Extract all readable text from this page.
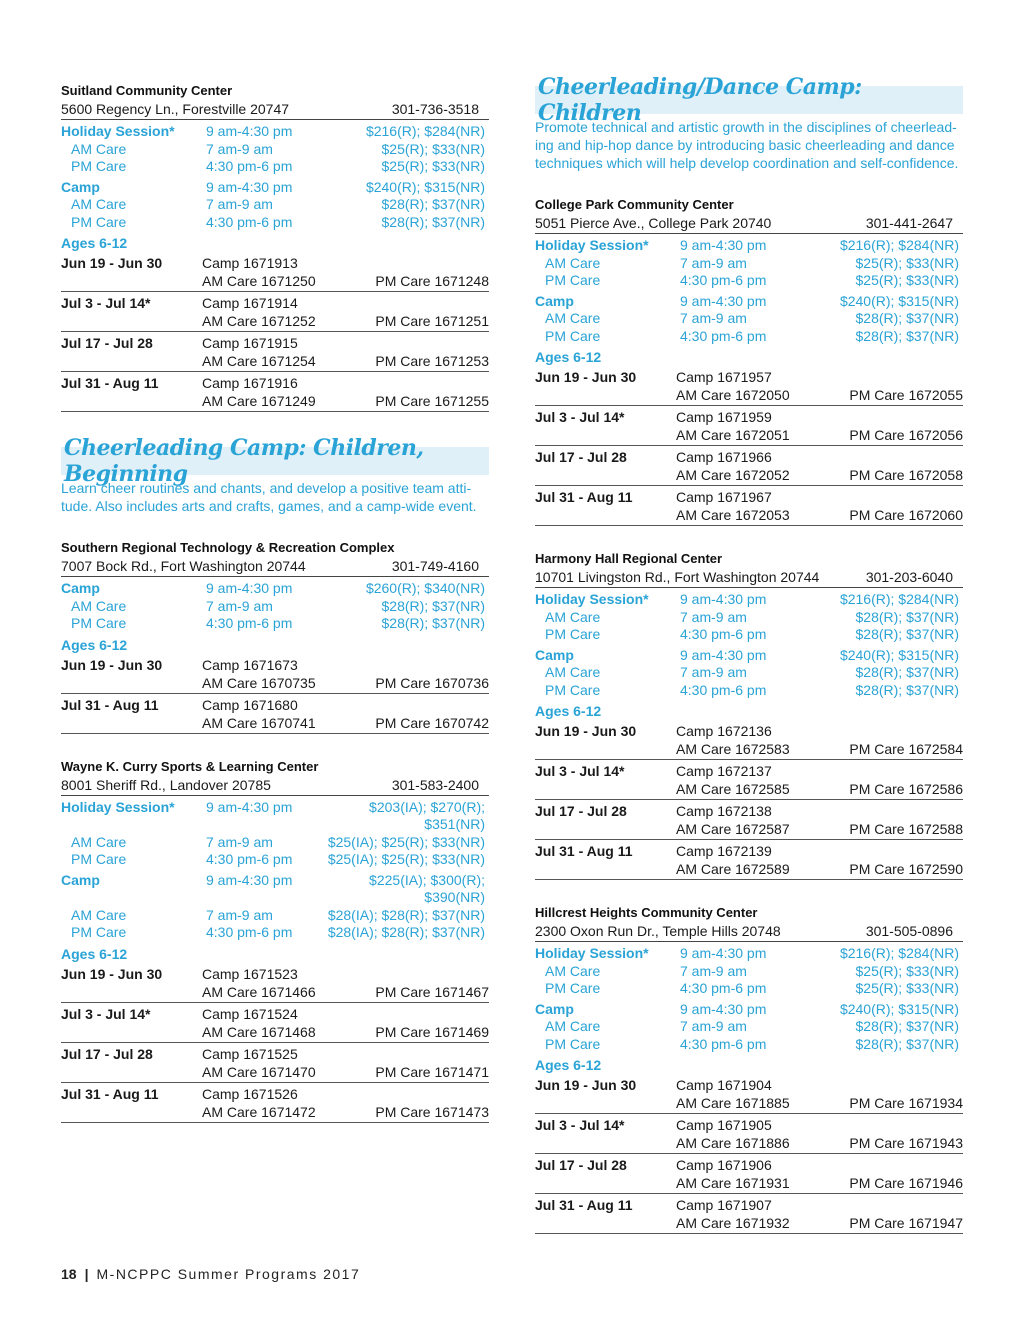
Suitland Community Center
5600 Regency Ln., Forestville 20747	301-736-3518
Holiday Session*	9 am-4:30 pm	$216(R); $284(NR)
AM Care	7 am-9 am	$25(R); $33(NR)
PM Care	4:30 pm-6 pm	$25(R); $33(NR)
Camp	9 am-4:30 pm	$240(R); $315(NR)
AM Care	7 am-9 am	$28(R); $37(NR)
PM Care	4:30 pm-6 pm	$28(R); $37(NR)
Ages 6-12
Jun 19 - Jun 30	Camp 1671913
AM Care 1671250	PM Care 1671248
Jul 3 - Jul 14*	Camp 1671914
AM Care 1671252	PM Care 1671251
Jul 17 - Jul 28	Camp 1671915
AM Care 1671254	PM Care 1671253
Jul 31 - Aug 11	Camp 1671916
AM Care 1671249	PM Care 1671255
Cheerleading Camp: Children, Beginning
Learn cheer routines and chants, and develop a positive team atti-tude. Also includes arts and crafts, games, and a camp-wide event.
Southern Regional Technology & Recreation Complex
7007 Bock Rd., Fort Washington 20744	301-749-4160
Camp	9 am-4:30 pm	$260(R); $340(NR)
AM Care	7 am-9 am	$28(R); $37(NR)
PM Care	4:30 pm-6 pm	$28(R); $37(NR)
Ages 6-12
Jun 19 - Jun 30	Camp 1671673
AM Care 1670735	PM Care 1670736
Jul 31 - Aug 11	Camp 1671680
AM Care 1670741	PM Care 1670742
Wayne K. Curry Sports & Learning Center
8001 Sheriff Rd., Landover 20785	301-583-2400
Holiday Session*	9 am-4:30 pm	$203(IA); $270(R); $351(NR)
AM Care	7 am-9 am	$25(IA); $25(R); $33(NR)
PM Care	4:30 pm-6 pm	$25(IA); $25(R); $33(NR)
Camp	9 am-4:30 pm	$225(IA); $300(R); $390(NR)
AM Care	7 am-9 am	$28(IA); $28(R); $37(NR)
PM Care	4:30 pm-6 pm	$28(IA); $28(R); $37(NR)
Ages 6-12
Jun 19 - Jun 30	Camp 1671523
AM Care 1671466	PM Care 1671467
Jul 3 - Jul 14*	Camp 1671524
AM Care 1671468	PM Care 1671469
Jul 17 - Jul 28	Camp 1671525
AM Care 1671470	PM Care 1671471
Jul 31 - Aug 11	Camp 1671526
AM Care 1671472	PM Care 1671473
Cheerleading/Dance Camp: Children
Promote technical and artistic growth in the disciplines of cheerlead-ing and hip-hop dance by introducing basic cheerleading and dance techniques which will help develop coordination and self-confidence.
College Park Community Center
5051 Pierce Ave., College Park 20740	301-441-2647
Holiday Session*	9 am-4:30 pm	$216(R); $284(NR)
AM Care	7 am-9 am	$25(R); $33(NR)
PM Care	4:30 pm-6 pm	$25(R); $33(NR)
Camp	9 am-4:30 pm	$240(R); $315(NR)
AM Care	7 am-9 am	$28(R); $37(NR)
PM Care	4:30 pm-6 pm	$28(R); $37(NR)
Ages 6-12
Jun 19 - Jun 30	Camp 1671957
AM Care 1672050	PM Care 1672055
Jul 3 - Jul 14*	Camp 1671959
AM Care 1672051	PM Care 1672056
Jul 17 - Jul 28	Camp 1671966
AM Care 1672052	PM Care 1672058
Jul 31 - Aug 11	Camp 1671967
AM Care 1672053	PM Care 1672060
Harmony Hall Regional Center
10701 Livingston Rd., Fort Washington 20744	301-203-6040
Holiday Session*	9 am-4:30 pm	$216(R); $284(NR)
AM Care	7 am-9 am	$28(R); $37(NR)
PM Care	4:30 pm-6 pm	$28(R); $37(NR)
Camp	9 am-4:30 pm	$240(R); $315(NR)
AM Care	7 am-9 am	$28(R); $37(NR)
PM Care	4:30 pm-6 pm	$28(R); $37(NR)
Ages 6-12
Jun 19 - Jun 30	Camp 1672136
AM Care 1672583	PM Care 1672584
Jul 3 - Jul 14*	Camp 1672137
AM Care 1672585	PM Care 1672586
Jul 17 - Jul 28	Camp 1672138
AM Care 1672587	PM Care 1672588
Jul 31 - Aug 11	Camp 1672139
AM Care 1672589	PM Care 1672590
Hillcrest Heights Community Center
2300 Oxon Run Dr., Temple Hills 20748	301-505-0896
Holiday Session*	9 am-4:30 pm	$216(R); $284(NR)
AM Care	7 am-9 am	$25(R); $33(NR)
PM Care	4:30 pm-6 pm	$25(R); $33(NR)
Camp	9 am-4:30 pm	$240(R); $315(NR)
AM Care	7 am-9 am	$28(R); $37(NR)
PM Care	4:30 pm-6 pm	$28(R); $37(NR)
Ages 6-12
Jun 19 - Jun 30	Camp 1671904
AM Care 1671885	PM Care 1671934
Jul 3 - Jul 14*	Camp 1671905
AM Care 1671886	PM Care 1671943
Jul 17 - Jul 28	Camp 1671906
AM Care 1671931	PM Care 1671946
Jul 31 - Aug 11	Camp 1671907
AM Care 1671932	PM Care 1671947
18 | M-NCPPC Summer Programs 2017
